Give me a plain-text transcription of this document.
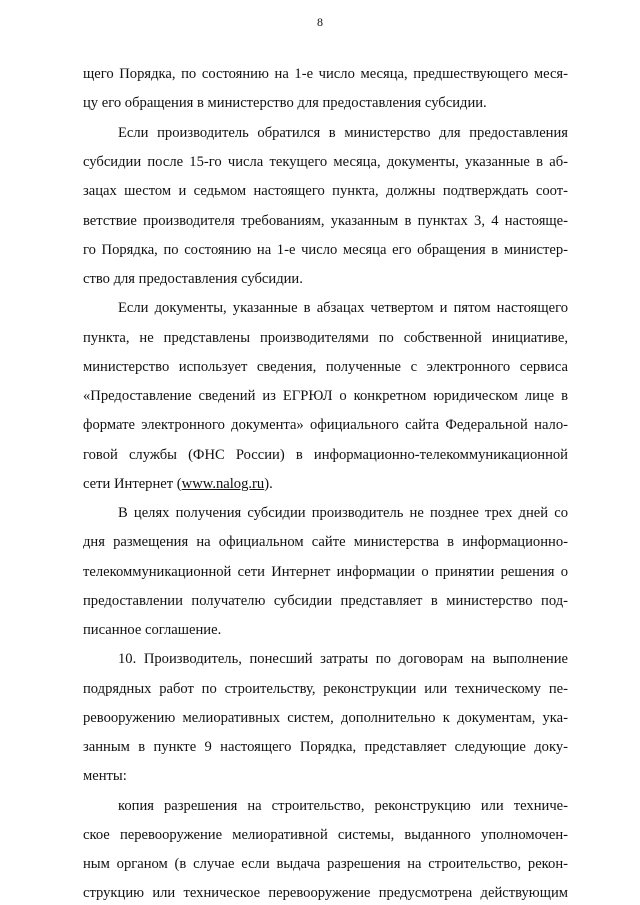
8
щего Порядка, по состоянию на 1-е число месяца, предшествующего меся-
цу его обращения в министерство для предоставления субсидии.
Если производитель обратился в министерство для предоставления
субсидии после 15-го числа текущего месяца, документы, указанные в аб-
зацах шестом и седьмом настоящего пункта, должны подтверждать соот-
ветствие производителя требованиям, указанным в пунктах 3, 4 настояще-
го Порядка, по состоянию на 1-е число месяца его обращения в министер-
ство для предоставления субсидии.
Если документы, указанные в абзацах четвертом и пятом настоящего
пункта, не представлены производителями по собственной инициативе,
министерство использует сведения, полученные с электронного сервиса
«Предоставление сведений из ЕГРЮЛ о конкретном юридическом лице в
формате электронного документа» официального сайта Федеральной нало-
говой службы (ФНС России) в информационно-телекоммуникационной
сети Интернет (www.nalog.ru).
В целях получения субсидии производитель не позднее трех дней со
дня размещения на официальном сайте министерства в информационно-
телекоммуникационной сети Интернет информации о принятии решения о
предоставлении получателю субсидии представляет в министерство под-
писанное соглашение.
10. Производитель, понесший затраты по договорам на выполнение
подрядных работ по строительству, реконструкции или техническому пе-
ревооружению мелиоративных систем, дополнительно к документам, ука-
занным в пункте 9 настоящего Порядка, представляет следующие доку-
менты:
копия разрешения на строительство, реконструкцию или техниче-
ское перевооружение мелиоративной системы, выданного уполномочен-
ным органом (в случае если выдача разрешения на строительство, рекон-
струкцию или техническое перевооружение предусмотрена действующим
